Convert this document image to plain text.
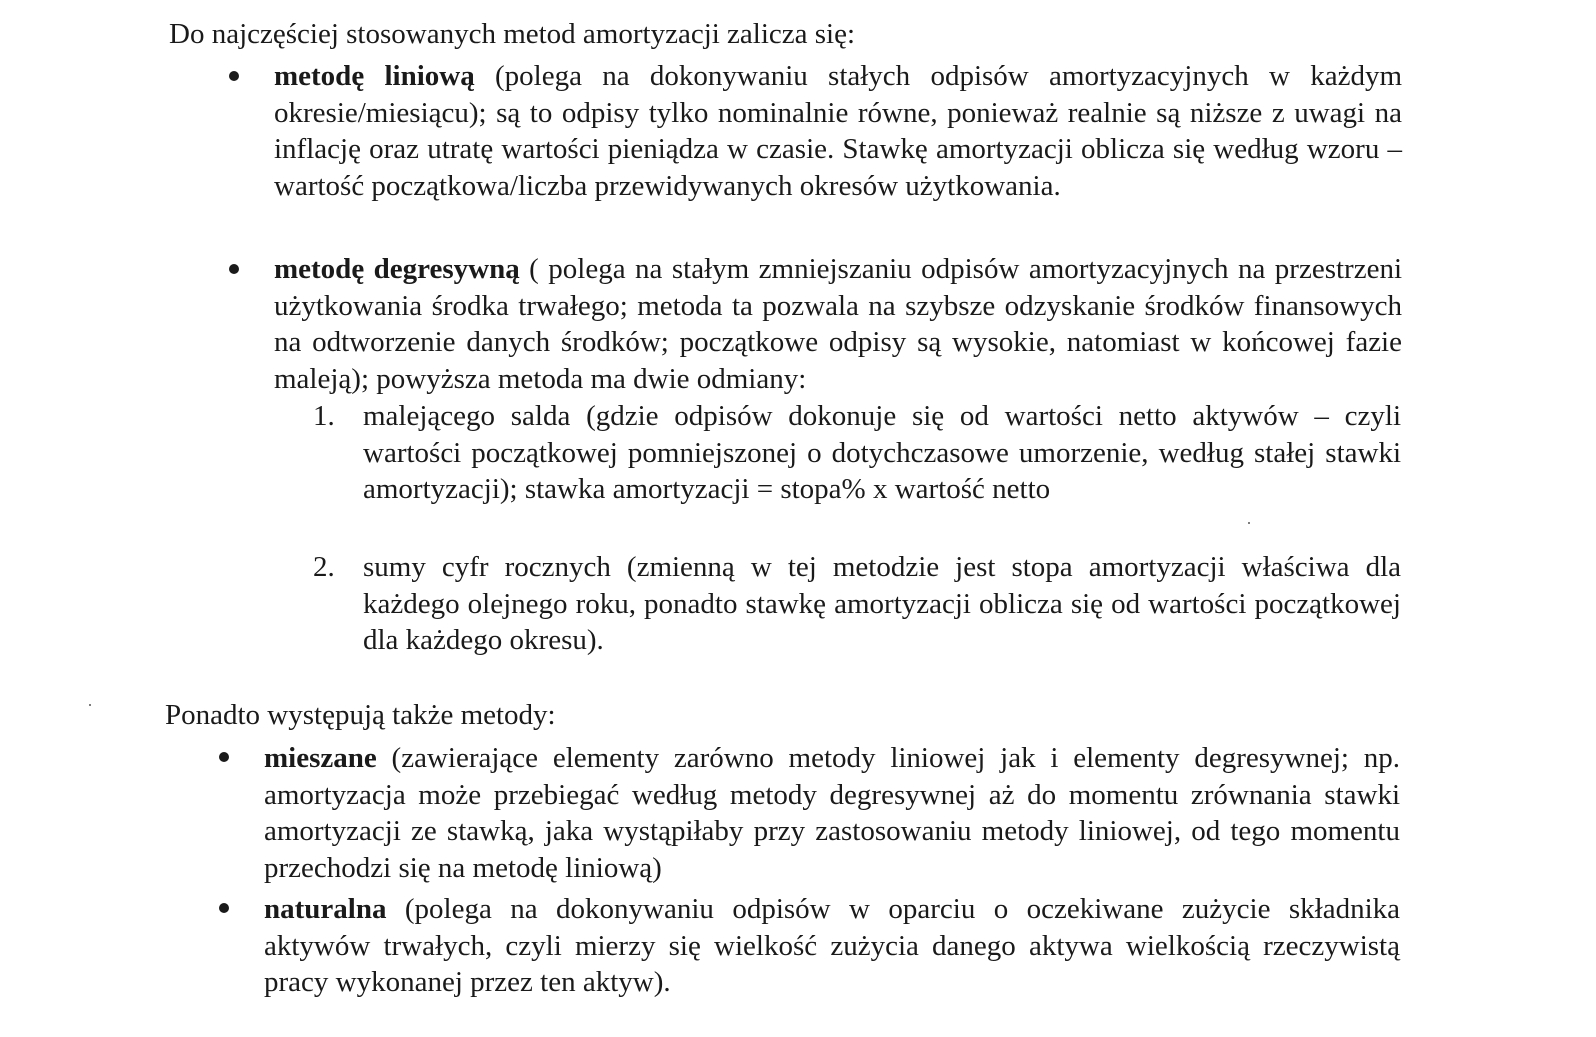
Do najczęściej stosowanych metod amortyzacji zalicza się:

metodę liniową (polega na dokonywaniu stałych odpisów amortyzacyjnych w każdym okresie/miesiącu); są to odpisy tylko nominalnie równe, ponieważ realnie są niższe z uwagi na inflację oraz utratę wartości pieniądza w czasie. Stawkę amortyzacji oblicza się według wzoru – wartość początkowa/liczba przewidywanych okresów użytkowania.

metodę degresywną ( polega na stałym zmniejszaniu odpisów amortyzacyjnych na przestrzeni użytkowania środka trwałego; metoda ta pozwala na szybsze odzyskanie środków finansowych na odtworzenie danych środków; początkowe odpisy są wysokie, natomiast w końcowej fazie maleją); powyższa metoda ma dwie odmiany:

1. malejącego salda (gdzie odpisów dokonuje się od wartości netto aktywów – czyli wartości początkowej pomniejszonej o dotychczasowe umorzenie, według stałej stawki amortyzacji); stawka amortyzacji = stopa% x wartość netto

2. sumy cyfr rocznych (zmienną w tej metodzie jest stopa amortyzacji właściwa dla każdego olejnego roku, ponadto stawkę amortyzacji oblicza się od wartości początkowej dla każdego okresu).

Ponadto występują także metody:

mieszane (zawierające elementy zarówno metody liniowej jak i elementy degresywnej; np. amortyzacja może przebiegać według metody degresywnej aż do momentu zrównania stawki amortyzacji ze stawką, jaka wystąpiłaby przy zastosowaniu metody liniowej, od tego momentu przechodzi się na metodę liniową)

naturalna (polega na dokonywaniu odpisów w oparciu o oczekiwane zużycie składnika aktywów trwałych, czyli mierzy się wielkość zużycia danego aktywa wielkością rzeczywistą pracy wykonanej przez ten aktyw).
